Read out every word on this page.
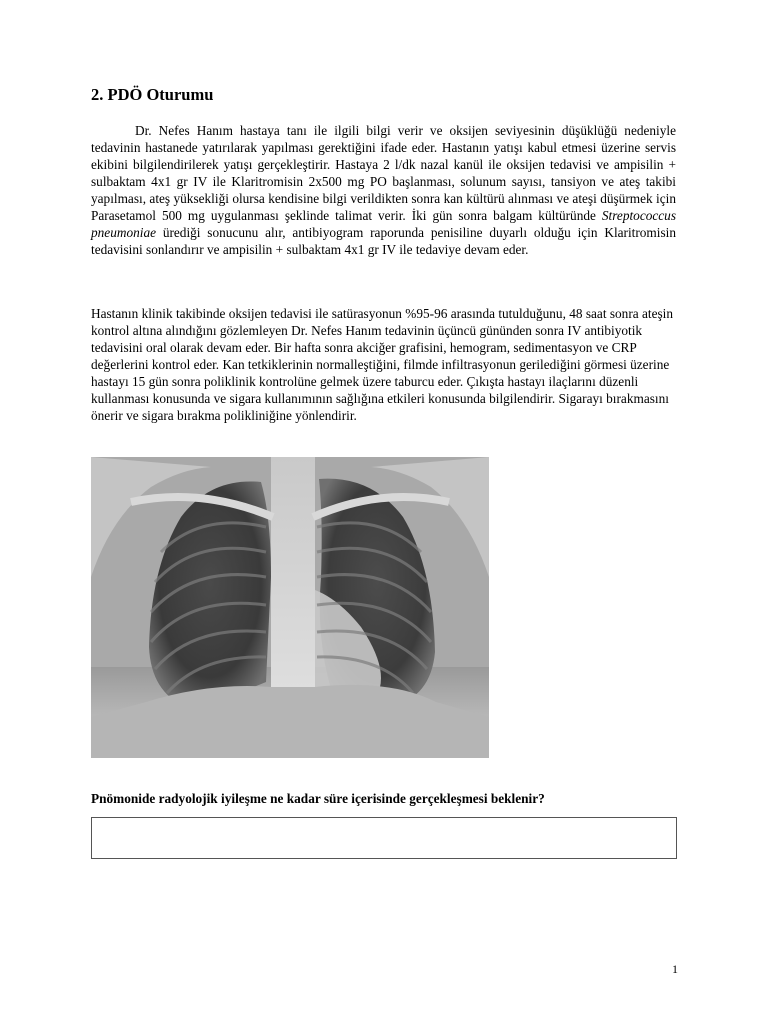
2. PDÖ Oturumu

Dr. Nefes Hanım hastaya tanı ile ilgili bilgi verir ve oksijen seviyesinin düşüklüğü nedeniyle tedavinin hastanede yatırılarak yapılması gerektiğini ifade eder. Hastanın yatışı kabul etmesi üzerine servis ekibini bilgilendirilerek yatışı gerçekleştirir. Hastaya 2 l/dk nazal kanül ile oksijen tedavisi ve ampisilin + sulbaktam 4x1 gr IV ile Klaritromisin 2x500 mg PO başlanması, solunum sayısı, tansiyon ve ateş takibi yapılması, ateş yüksekliği olursa kendisine bilgi verildikten sonra kan kültürü alınması ve ateşi düşürmek için Parasetamol 500 mg uygulanması şeklinde talimat verir. İki gün sonra balgam kültüründe Streptococcus pneumoniae ürediği sonucunu alır, antibiyogram raporunda penisiline duyarlı olduğu için Klaritromisin tedavisini sonlandırır ve ampisilin + sulbaktam 4x1 gr IV ile tedaviye devam eder.

Hastanın klinik takibinde oksijen tedavisi ile satürasyonun %95-96 arasında tutulduğunu, 48 saat sonra ateşin kontrol altına alındığını gözlemleyen Dr. Nefes Hanım tedavinin üçüncü gününden sonra IV antibiyotik tedavisini oral olarak devam eder. Bir hafta sonra akciğer grafisini, hemogram, sedimentasyon ve CRP değerlerini kontrol eder. Kan tetkiklerinin normalleştiğini, filmde infiltrasyonun gerilediğini görmesi üzerine hastayı 15 gün sonra poliklinik kontrolüne gelmek üzere taburcu eder. Çıkışta hastayı ilaçlarını düzenli kullanması konusunda ve sigara kullanımının sağlığına etkileri konusunda bilgilendirir. Sigarayı bırakmasını önerir ve sigara bırakma polikliniğine yönlendirir.

Pnömonide radyolojik iyileşme ne kadar süre içerisinde gerçekleşmesi beklenir?

1
